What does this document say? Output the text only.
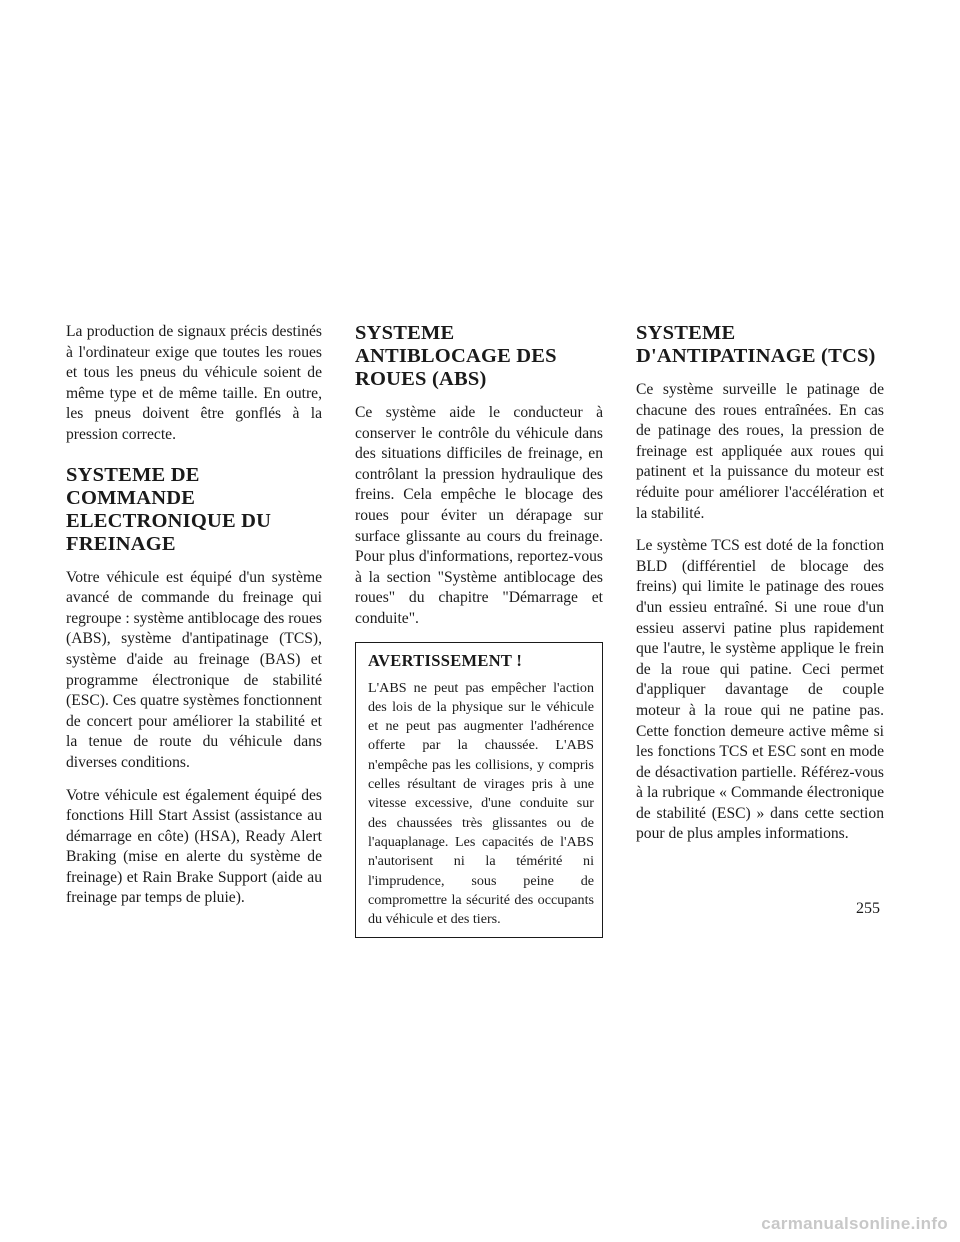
La production de signaux précis destinés à l'ordinateur exige que toutes les roues et tous les pneus du véhicule soient de même type et de même taille. En outre, les pneus doivent être gonflés à la pression correcte.

SYSTEME DE COMMANDE ELECTRONIQUE DU FREINAGE

Votre véhicule est équipé d'un système avancé de commande du freinage qui regroupe : système antiblocage des roues (ABS), système d'antipatinage (TCS), système d'aide au freinage (BAS) et programme électronique de stabilité (ESC). Ces quatre systèmes fonctionnent de concert pour améliorer la stabilité et la tenue de route du véhicule dans diverses conditions.

Votre véhicule est également équipé des fonctions Hill Start Assist (assistance au démarrage en côte) (HSA), Ready Alert Braking (mise en alerte du système de freinage) et Rain Brake Support (aide au freinage par temps de pluie).

SYSTEME ANTIBLOCAGE DES ROUES (ABS)

Ce système aide le conducteur à conserver le contrôle du véhicule dans des situations difficiles de freinage, en contrôlant la pression hydraulique des freins. Cela empêche le blocage des roues pour éviter un dérapage sur surface glissante au cours du freinage. Pour plus d'informations, reportez-vous à la section "Système antiblocage des roues" du chapitre "Démarrage et conduite".

AVERTISSEMENT !

L'ABS ne peut pas empêcher l'action des lois de la physique sur le véhicule et ne peut pas augmenter l'adhérence offerte par la chaussée. L'ABS n'empêche pas les collisions, y compris celles résultant de virages pris à une vitesse excessive, d'une conduite sur des chaussées très glissantes ou de l'aquaplanage. Les capacités de l'ABS n'autorisent ni la témérité ni l'imprudence, sous peine de compromettre la sécurité des occupants du véhicule et des tiers.

SYSTEME D'ANTIPATINAGE (TCS)

Ce système surveille le patinage de chacune des roues entraînées. En cas de patinage des roues, la pression de freinage est appliquée aux roues qui patinent et la puissance du moteur est réduite pour améliorer l'accélération et la stabilité.

Le système TCS est doté de la fonction BLD (différentiel de blocage des freins) qui limite le patinage des roues d'un essieu entraîné. Si une roue d'un essieu asservi patine plus rapidement que l'autre, le système applique le frein de la roue qui patine. Ceci permet d'appliquer davantage de couple moteur à la roue qui ne patine pas. Cette fonction demeure active même si les fonctions TCS et ESC sont en mode de désactivation partielle. Référez-vous à la rubrique « Commande électronique de stabilité (ESC) » dans cette section pour de plus amples informations.

255
carmanualsonline.info
